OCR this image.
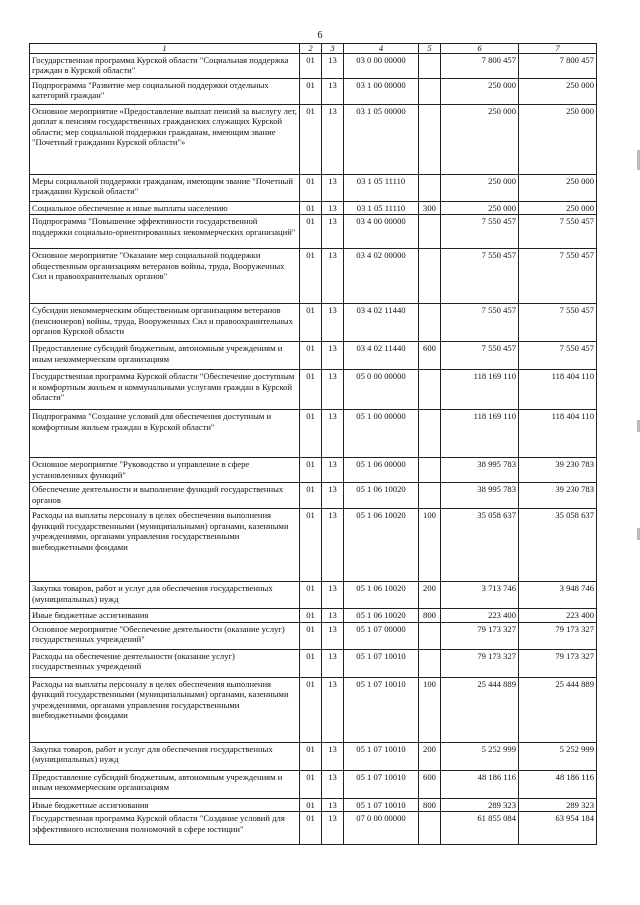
6
1	2	3	4	5	6	7
Государственная программа Курской области "Социальная поддержка граждан в Курской области"	01	13	03 0 00 00000		7 800 457	7 800 457
Подпрограмма "Развитие мер социальной поддержки отдельных категорий граждан"	01	13	03 1 00 00000		250 000	250 000
Основное мероприятие «Предоставление выплат пенсий за выслугу лет, доплат к пенсиям государственных гражданских служащих Курской области; мер социальной поддержки гражданам, имеющим звание "Почетный гражданин Курской области"»	01	13	03 1 05 00000		250 000	250 000
Меры социальной поддержки гражданам, имеющим звание "Почетный гражданин Курской области"	01	13	03 1 05 11110		250 000	250 000
Социальное обеспечение и иные выплаты населению	01	13	03 1 05 11110	300	250 000	250 000
Подпрограмма "Повышение эффективности государственной поддержки социально-ориентированных некоммерческих организаций"	01	13	03 4 00 00000		7 550 457	7 550 457
Основное мероприятие "Оказание мер социальной поддержки общественным организациям ветеранов войны, труда, Вооруженных Сил и правоохранительных органов"	01	13	03 4 02 00000		7 550 457	7 550 457
Субсидии некоммерческим общественным организациям ветеранов (пенсионеров) войны, труда, Вооруженных Сил и правоохранительных органов Курской области	01	13	03 4 02 11440		7 550 457	7 550 457
Предоставление субсидий бюджетным, автономным учреждениям и иным некоммерческим организациям	01	13	03 4 02 11440	600	7 550 457	7 550 457
Государственная программа Курской области "Обеспечение доступным и комфортным жильем и коммунальными услугами граждан в Курской области"	01	13	05 0 00 00000		118 169 110	118 404 110
Подпрограмма "Создание условий для обеспечения доступным и комфортным жильем граждан в Курской области"	01	13	05 1 00 00000		118 169 110	118 404 110
Основное мероприятие "Руководство и управление в сфере установленных функций"	01	13	05 1 06 00000		38 995 783	39 230 783
Обеспечение деятельности и выполнение функций государственных органов	01	13	05 1 06 10020		38 995 783	39 230 783
Расходы на выплаты персоналу в целях обеспечения выполнения функций государственными (муниципальными) органами, казенными учреждениями, органами управления государственными внебюджетными фондами	01	13	05 1 06 10020	100	35 058 637	35 058 637
Закупка товаров, работ и услуг для обеспечения государственных (муниципальных) нужд	01	13	05 1 06 10020	200	3 713 746	3 948 746
Иные бюджетные ассигнования	01	13	05 1 06 10020	800	223 400	223 400
Основное мероприятие "Обеспечение деятельности (оказание услуг) государственных учреждений"	01	13	05 1 07 00000		79 173 327	79 173 327
Расходы на обеспечение деятельности (оказание услуг) государственных учреждений	01	13	05 1 07 10010		79 173 327	79 173 327
Расходы на выплаты персоналу в целях обеспечения выполнения функций государственными (муниципальными) органами, казенными учреждениями, органами управления государственными внебюджетными фондами	01	13	05 1 07 10010	100	25 444 889	25 444 889
Закупка товаров, работ и услуг для обеспечения государственных (муниципальных) нужд	01	13	05 1 07 10010	200	5 252 999	5 252 999
Предоставление субсидий бюджетным, автономным учреждениям и иным некоммерческим организациям	01	13	05 1 07 10010	600	48 186 116	48 186 116
Иные бюджетные ассигнования	01	13	05 1 07 10010	800	289 323	289 323
Государственная программа Курской области "Создание условий для эффективного исполнения полномочий в сфере юстиции"	01	13	07 0 00 00000		61 855 084	63 954 184
